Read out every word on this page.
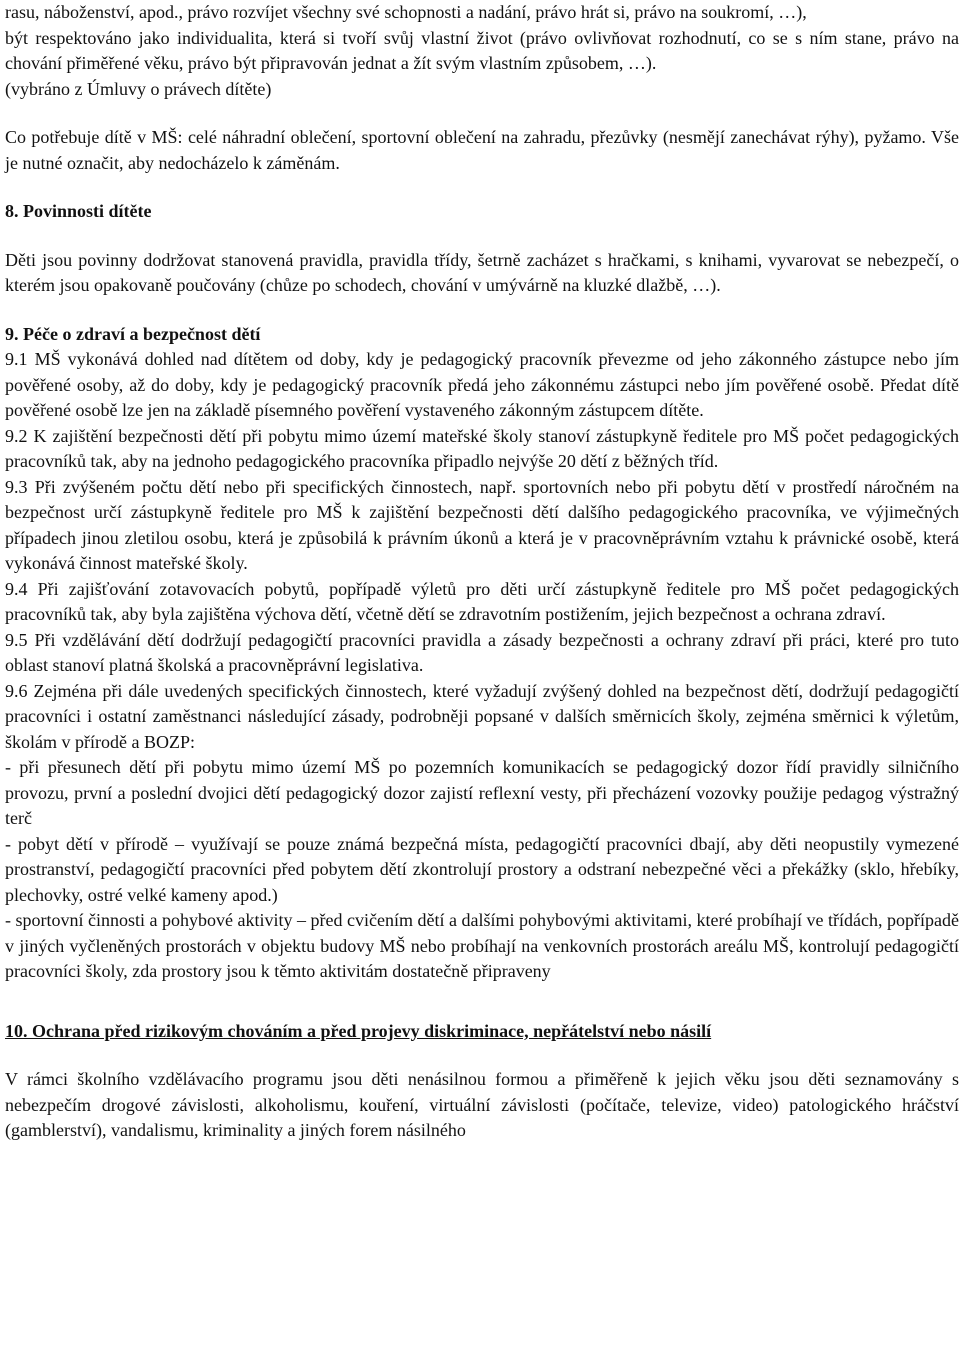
rasu, náboženství, apod., právo rozvíjet všechny své schopnosti a nadání, právo hrát si, právo na soukromí, …),

být respektováno jako individualita, která si tvoří svůj vlastní život (právo ovlivňovat rozhodnutí, co se s ním stane, právo na chování přiměřené věku, právo být připravován jednat a žít svým vlastním způsobem, …).

(vybráno z Úmluvy o právech dítěte)

Co potřebuje dítě v MŠ: celé náhradní oblečení, sportovní oblečení na zahradu, přezůvky (nesmějí zanechávat rýhy), pyžamo. Vše je nutné označit, aby nedocházelo k záměnám.

8. Povinnosti dítěte

Děti jsou povinny dodržovat stanovená pravidla, pravidla třídy, šetrně zacházet s hračkami, s knihami, vyvarovat se nebezpečí, o kterém jsou opakovaně poučovány (chůze po schodech, chování v umývárně na kluzké dlažbě, …).

9. Péče o zdraví a bezpečnost dětí

9.1 MŠ vykonává dohled nad dítětem od doby, kdy je pedagogický pracovník převezme od jeho zákonného zástupce nebo jím pověřené osoby, až do doby, kdy je pedagogický pracovník předá jeho zákonnému zástupci nebo jím pověřené osobě. Předat dítě pověřené osobě lze jen na základě písemného pověření vystaveného zákonným zástupcem dítěte.

9.2 K zajištění bezpečnosti dětí při pobytu mimo území mateřské školy stanoví zástupkyně ředitele pro MŠ počet pedagogických pracovníků tak, aby na jednoho pedagogického pracovníka připadlo nejvýše 20 dětí z běžných tříd.

9.3 Při zvýšeném počtu dětí nebo při specifických činnostech, např. sportovních nebo při pobytu dětí v prostředí náročném na bezpečnost určí zástupkyně ředitele pro MŠ k zajištění bezpečnosti dětí dalšího pedagogického pracovníka, ve výjimečných případech jinou zletilou osobu, která je způsobilá k právním úkonů a která je v pracovněprávním vztahu k právnické osobě, která vykonává činnost mateřské školy.

9.4 Při zajišťování zotavovacích pobytů, popřípadě výletů pro děti určí zástupkyně ředitele pro MŠ počet pedagogických pracovníků tak, aby byla zajištěna výchova dětí, včetně dětí se zdravotním postižením, jejich bezpečnost a ochrana zdraví.

9.5 Při vzdělávání dětí dodržují pedagogičtí pracovníci pravidla a zásady bezpečnosti a ochrany zdraví při práci, které pro tuto oblast stanoví platná školská a pracovněprávní legislativa.

9.6 Zejména při dále uvedených specifických činnostech, které vyžadují zvýšený dohled na bezpečnost dětí, dodržují pedagogičtí pracovníci i ostatní zaměstnanci následující zásady, podrobněji popsané v dalších směrnicích školy, zejména směrnici k výletům, školám v přírodě a BOZP:

- při přesunech dětí při pobytu mimo území MŠ po pozemních komunikacích se pedagogický dozor řídí pravidly silničního provozu, první a poslední dvojici dětí pedagogický dozor zajistí reflexní vesty, při přecházení vozovky použije pedagog výstražný terč

- pobyt dětí v přírodě – využívají se pouze známá bezpečná místa, pedagogičtí pracovníci dbají, aby děti neopustily vymezené prostranství, pedagogičtí pracovníci před pobytem dětí zkontrolují prostory a odstraní nebezpečné věci a překážky (sklo, hřebíky, plechovky, ostré velké kameny apod.)

- sportovní činnosti a pohybové aktivity – před cvičením dětí a dalšími pohybovými aktivitami, které probíhají ve třídách, popřípadě v jiných vyčleněných prostorách v objektu budovy MŠ nebo probíhají na venkovních prostorách areálu MŠ, kontrolují pedagogičtí pracovníci školy, zda prostory jsou k těmto aktivitám dostatečně připraveny

10. Ochrana před rizikovým chováním a před projevy diskriminace, nepřátelství nebo násilí

V rámci školního vzdělávacího programu jsou děti nenásilnou formou a přiměřeně k jejich věku jsou děti seznamovány s nebezpečím drogové závislosti, alkoholismu, kouření, virtuální závislosti (počítače, televize, video) patologického hráčství (gamblerství), vandalismu, kriminality a jiných forem násilného
